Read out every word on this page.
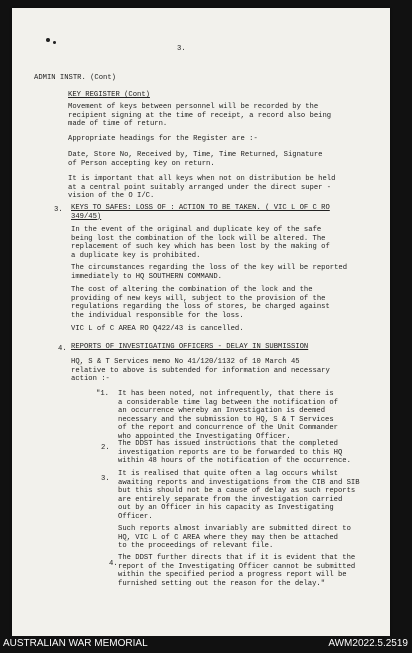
3.
ADMIN INSTR. (Cont)
KEY REGISTER (Cont)
Movement of keys between personnel will be recorded by the
recipient signing at the time of receipt, a record also being
made of time of return.
Appropriate headings for the Register are :-
Date, Store No, Received by, Time, Time Returned, Signature
of Person accepting key on return.
It is important that all keys when not on distribution be held
at a central point suitably arranged under the direct super -
vision of the O I/C.
3. KEYS TO SAFES: LOSS OF : ACTION TO BE TAKEN. ( VIC L OF C RO
349/45)
In the event of the original and duplicate key of the safe
being lost the combination of the lock will be altered. The
replacement of such key which has been lost by the making of
a duplicate key is prohibited.
The circumstances regarding the loss of the key will be reported
immediately to HQ SOUTHERN COMMAND.
The cost of altering the combination of the lock and the
providing of new keys will, subject to the provision of the
regulations regarding the loss of stores, be charged against
the individual responsible for the loss.
VIC L of C AREA RO Q422/43 is cancelled.
4. REPORTS OF INVESTIGATING OFFICERS - DELAY IN SUBMISSION
HQ, S & T Services memo No 41/120/1132 of 10 March 45
relative to above is subtended for information and necessary
action :-
"1. It has been noted, not infrequently, that there is
a considerable time lag between the notification of
an occurrence whereby an Investigation is deemed
necessary and the submission to HQ, S & T Services
of the report and concurrence of the Unit Commander
who appointed the Investigating Officer.
2. The DDST has issued instructions that the completed
investigation reports are to be forwarded to this HQ
within 48 hours of the notification of the occurrence.
3.
It is realised that quite often a lag occurs whilst
awaiting reports and investigations from the CIB and SIB
but this should not be a cause of delay as such reports
are entirely separate from the investigation carried
out by an Officer in his capacity as Investigating
Officer.
Such reports almost invariably are submitted direct to
HQ, VIC L of C AREA where they may then be attached
to the proceedings of relevant file.
4.
The DDST further directs that if it is evident that the
report of the Investigating Officer cannot be submitted
within the specified period a progress report will be
furnished setting out the reason for the delay."
AUSTRALIAN WAR MEMORIAL	AWM2022.5.2519
